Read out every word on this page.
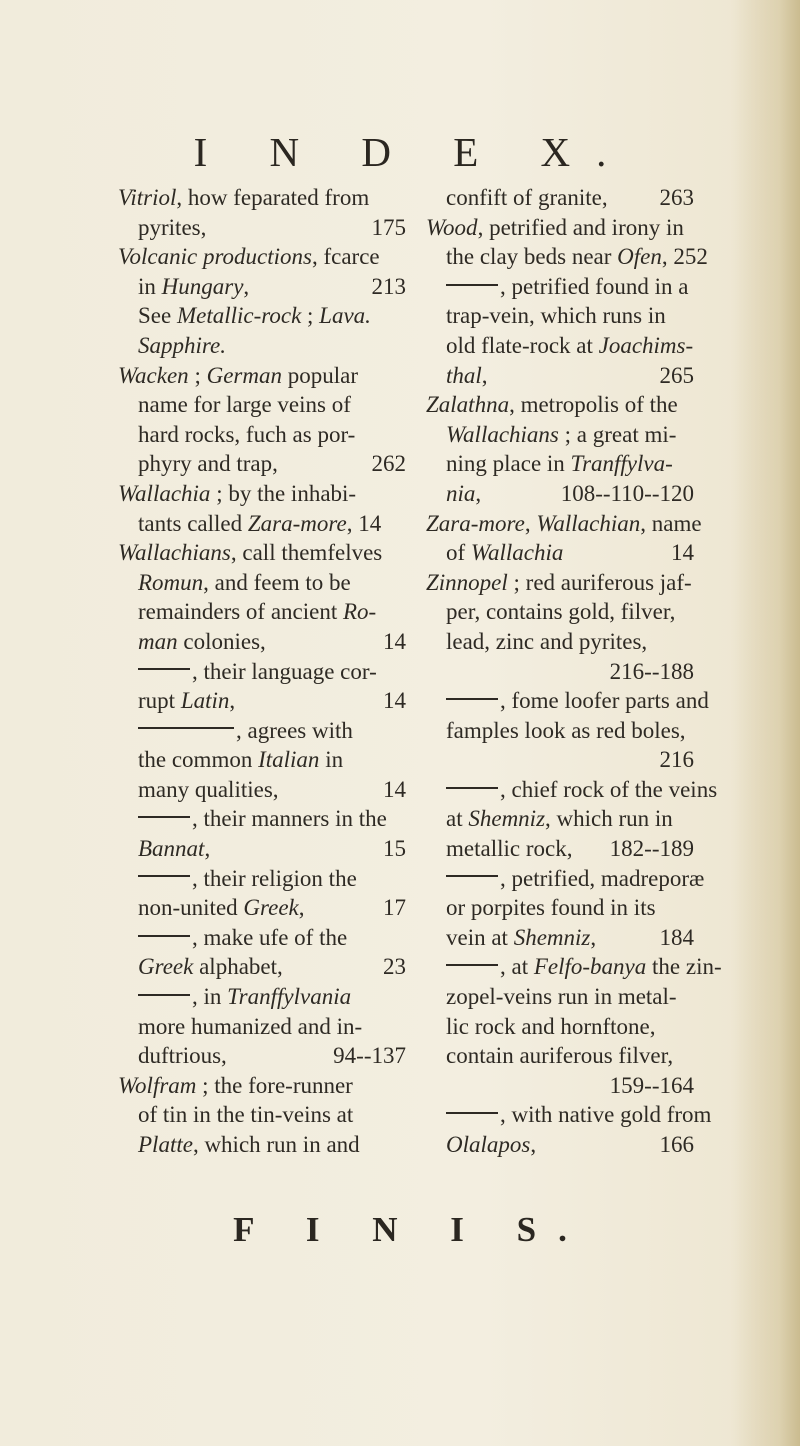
I N D E X.
Vitriol, how feparated from
pyrites,	175
Volcanic productions, fcarce
in Hungary,	213
See Metallic-rock ; Lava.
Sapphire.
Wacken ; German popular
name for large veins of
hard rocks, fuch as por-
phyry and trap,	262
Wallachia ; by the inhabi-
tants called Zara-more, 14
Wallachians, call themfelves
Romun, and feem to be
remainders of ancient Ro-
man colonies,	14
, their language cor-
rupt Latin,	14
, agrees with
the common Italian in
many qualities,	14
, their manners in the
Bannat,	15
, their religion the
non-united Greek,	17
, make ufe of the
Greek alphabet,	23
, in Tranffylvania
more humanized and in-
duftrious,	94--137
Wolfram ; the fore-runner
of tin in the tin-veins at
Platte, which run in and
confift of granite, 263
Wood, petrified and irony in
the clay beds near Ofen, 252
, petrified found in a
trap-vein, which runs in
old flate-rock at Joachims-
thal,	265
Zalathna, metropolis of the
Wallachians ; a great mi-
ning place in Tranffylva-
nia,	108--110--120
Zara-more, Wallachian, name
of Wallachia	14
Zinnopel ; red auriferous jaf-
per, contains gold, filver,
lead, zinc and pyrites,
216--188
, fome loofer parts and
famples look as red boles,
216
, chief rock of the veins
at Shemniz, which run in
metallic rock, 182--189
, petrified, madreporæ
or porpites found in its
vein at Shemniz,	184
, at Felfo-banya the zin-
zopel-veins run in metal-
lic rock and hornftone,
contain auriferous filver,
159--164
, with native gold from
Olalapos,	166
F I N I S.
